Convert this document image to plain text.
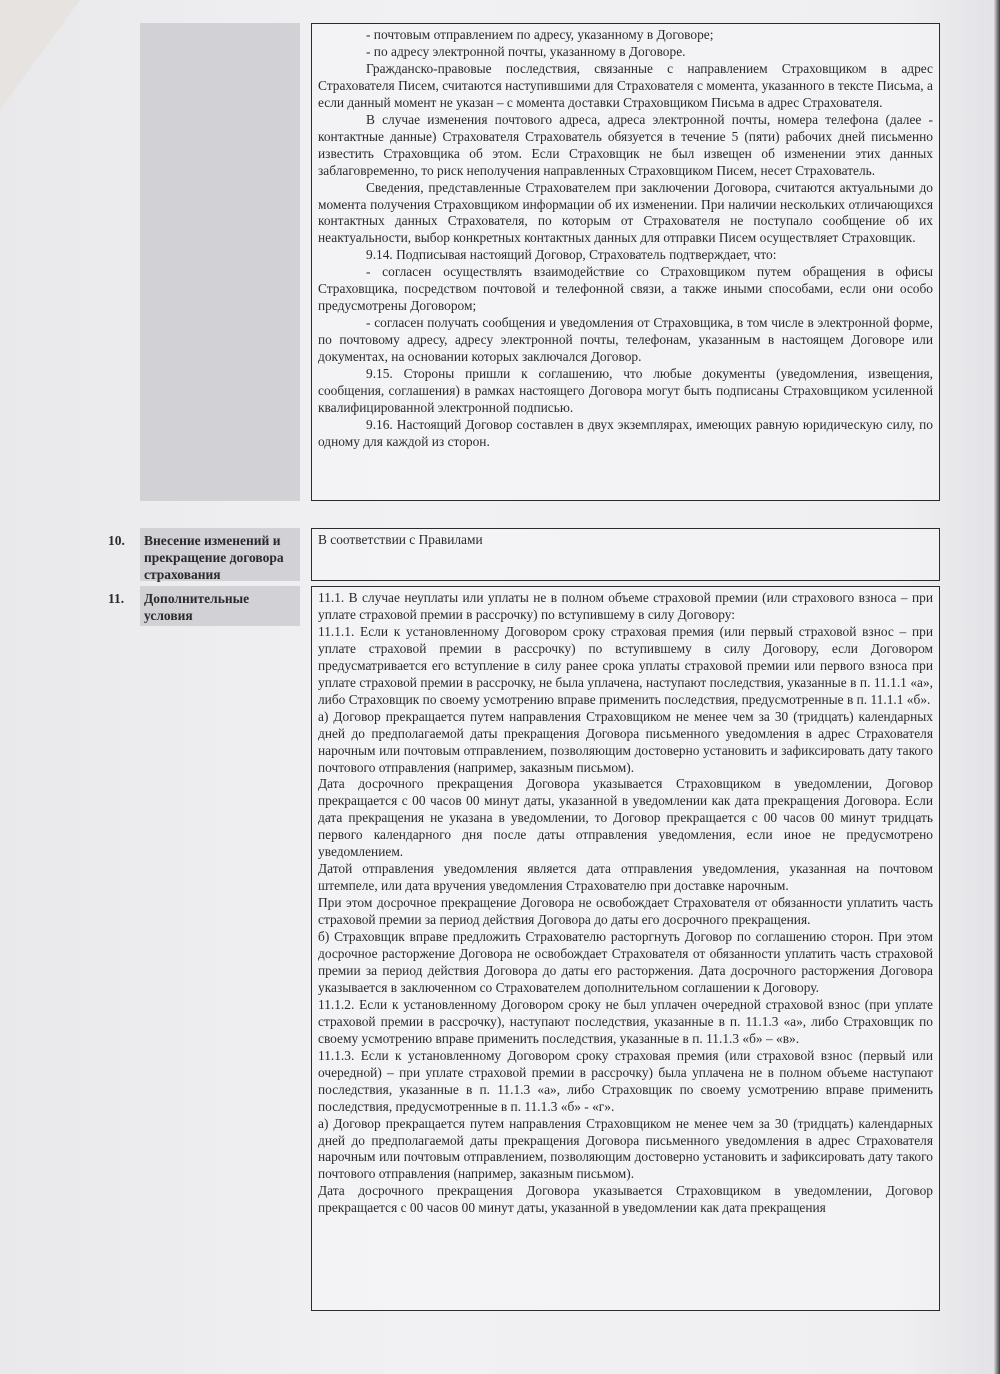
- почтовым отправлением по адресу, указанному в Договоре;

- по адресу электронной почты, указанному в Договоре.

Гражданско-правовые последствия, связанные с направлением Страховщиком в адрес Страхователя Писем, считаются наступившими для Страхователя с момента, указанного в тексте Письма, а если данный момент не указан – с момента доставки Страховщиком Письма в адрес Страхователя.

В случае изменения почтового адреса, адреса электронной почты, номера телефона (далее - контактные данные) Страхователя Страхователь обязуется в течение 5 (пяти) рабочих дней письменно известить Страховщика об этом. Если Страховщик не был извещен об изменении этих данных заблаговременно, то риск неполучения направленных Страховщиком Писем, несет Страхователь.

Сведения, представленные Страхователем при заключении Договора, считаются актуальными до момента получения Страховщиком информации об их изменении. При наличии нескольких отличающихся контактных данных Страхователя, по которым от Страхователя не поступало сообщение об их неактуальности, выбор конкретных контактных данных для отправки Писем осуществляет Страховщик.

9.14. Подписывая настоящий Договор, Страхователь подтверждает, что:

- согласен осуществлять взаимодействие со Страховщиком путем обращения в офисы Страховщика, посредством почтовой и телефонной связи, а также иными способами, если они особо предусмотрены Договором;

- согласен получать сообщения и уведомления от Страховщика, в том числе в электронной форме, по почтовому адресу, адресу электронной почты, телефонам, указанным в настоящем Договоре или документах, на основании которых заключался Договор.

9.15. Стороны пришли к соглашению, что любые документы (уведомления, извещения, сообщения, соглашения) в рамках настоящего Договора могут быть подписаны Страховщиком усиленной квалифицированной электронной подписью.

9.16. Настоящий Договор составлен в двух экземплярах, имеющих равную юридическую силу, по одному для каждой из сторон.

10.	Внесение изменений и прекращение договора страхования

В соответствии с Правилами

11.	Дополнительные условия

11.1. В случае неуплаты или уплаты не в полном объеме страховой премии (или страхового взноса – при уплате страховой премии в рассрочку) по вступившему в силу Договору:

11.1.1. Если к установленному Договором сроку страховая премия (или первый страховой взнос – при уплате страховой премии в рассрочку) по вступившему в силу Договору, если Договором предусматривается его вступление в силу ранее срока уплаты страховой премии или первого взноса при уплате страховой премии в рассрочку, не была уплачена, наступают последствия, указанные в п. 11.1.1 «а», либо Страховщик по своему усмотрению вправе применить последствия, предусмотренные в п. 11.1.1 «б».

а) Договор прекращается путем направления Страховщиком не менее чем за 30 (тридцать) календарных дней до предполагаемой даты прекращения Договора письменного уведомления в адрес Страхователя нарочным или почтовым отправлением, позволяющим достоверно установить и зафиксировать дату такого почтового отправления (например, заказным письмом).

Дата досрочного прекращения Договора указывается Страховщиком в уведомлении, Договор прекращается с 00 часов 00 минут даты, указанной в уведомлении как дата прекращения Договора. Если дата прекращения не указана в уведомлении, то Договор прекращается с 00 часов 00 минут тридцать первого календарного дня после даты отправления уведомления, если иное не предусмотрено уведомлением.

Датой отправления уведомления является дата отправления уведомления, указанная на почтовом штемпеле, или дата вручения уведомления Страхователю при доставке нарочным.

При этом досрочное прекращение Договора не освобождает Страхователя от обязанности уплатить часть страховой премии за период действия Договора до даты его досрочного прекращения.

б) Страховщик вправе предложить Страхователю расторгнуть Договор по соглашению сторон. При этом досрочное расторжение Договора не освобождает Страхователя от обязанности уплатить часть страховой премии за период действия Договора до даты его расторжения. Дата досрочного расторжения Договора указывается в заключенном со Страхователем дополнительном соглашении к Договору.

11.1.2. Если к установленному Договором сроку не был уплачен очередной страховой взнос (при уплате страховой премии в рассрочку), наступают последствия, указанные в п. 11.1.3 «а», либо Страховщик по своему усмотрению вправе применить последствия, указанные в п. 11.1.3 «б» – «в».

11.1.3. Если к установленному Договором сроку страховая премия (или страховой взнос (первый или очередной) – при уплате страховой премии в рассрочку) была уплачена не в полном объеме наступают последствия, указанные в п. 11.1.3 «а», либо Страховщик по своему усмотрению вправе применить последствия, предусмотренные в п. 11.1.3 «б» - «г».

а) Договор прекращается путем направления Страховщиком не менее чем за 30 (тридцать) календарных дней до предполагаемой даты прекращения Договора письменного уведомления в адрес Страхователя нарочным или почтовым отправлением, позволяющим достоверно установить и зафиксировать дату такого почтового отправления (например, заказным письмом).

Дата досрочного прекращения Договора указывается Страховщиком в уведомлении, Договор прекращается с 00 часов 00 минут даты, указанной в уведомлении как дата прекращения
